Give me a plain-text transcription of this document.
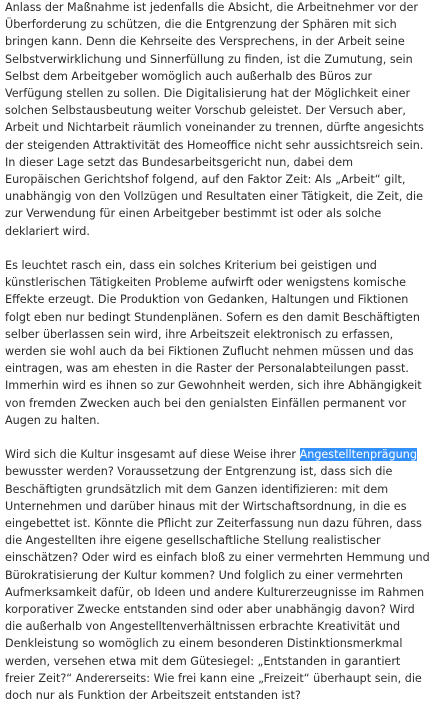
Anlass der Maßnahme ist jedenfalls die Absicht, die Arbeitnehmer vor der Überforderung zu schützen, die die Entgrenzung der Sphären mit sich bringen kann. Denn die Kehrseite des Versprechens, in der Arbeit seine Selbstverwirklichung und Sinnerfüllung zu finden, ist die Zumutung, sein Selbst dem Arbeitgeber womöglich auch außerhalb des Büros zur Verfügung stellen zu sollen. Die Digitalisierung hat der Möglichkeit einer solchen Selbstausbeutung weiter Vorschub geleistet. Der Versuch aber, Arbeit und Nichtarbeit räumlich voneinander zu trennen, dürfte angesichts der steigenden Attraktivität des Homeoffice nicht sehr aussichtsreich sein. In dieser Lage setzt das Bundesarbeitsgericht nun, dabei dem Europäischen Gerichtshof folgend, auf den Faktor Zeit: Als „Arbeit“ gilt, unabhängig von den Vollzügen und Resultaten einer Tätigkeit, die Zeit, die zur Verwendung für einen Arbeitgeber bestimmt ist oder als solche deklariert wird.

Es leuchtet rasch ein, dass ein solches Kriterium bei geistigen und künstlerischen Tätigkeiten Probleme aufwirft oder wenigstens komische Effekte erzeugt. Die Produktion von Gedanken, Haltungen und Fiktionen folgt eben nur bedingt Stundenplänen. Sofern es den damit Beschäftigten selber überlassen sein wird, ihre Arbeitszeit elektronisch zu erfassen, werden sie wohl auch da bei Fiktionen Zuflucht nehmen müssen und das eintragen, was am ehesten in die Raster der Personalabteilungen passt. Immerhin wird es ihnen so zur Gewohnheit werden, sich ihre Abhängigkeit von fremden Zwecken auch bei den genialsten Einfällen permanent vor Augen zu halten.

Wird sich die Kultur insgesamt auf diese Weise ihrer Angestelltenprägung bewusster werden? Voraussetzung der Entgrenzung ist, dass sich die Beschäftigten grundsätzlich mit dem Ganzen identifizieren: mit dem Unternehmen und darüber hinaus mit der Wirtschaftsordnung, in die es eingebettet ist. Könnte die Pflicht zur Zeiterfassung nun dazu führen, dass die Angestellten ihre eigene gesellschaftliche Stellung realistischer einschätzen? Oder wird es einfach bloß zu einer vermehrten Hemmung und Bürokratisierung der Kultur kommen? Und folglich zu einer vermehrten Aufmerksamkeit dafür, ob Ideen und andere Kulturerzeugnisse im Rahmen korporativer Zwecke entstanden sind oder aber unabhängig davon? Wird die außerhalb von Angestelltenverhältnissen erbrachte Kreativität und Denkleistung so womöglich zu einem besonderen Distinktionsmerkmal werden, versehen etwa mit dem Gütesiegel: „Entstanden in garantiert freier Zeit?“ Andererseits: Wie frei kann eine „Freizeit“ überhaupt sein, die doch nur als Funktion der Arbeitszeit entstanden ist?
